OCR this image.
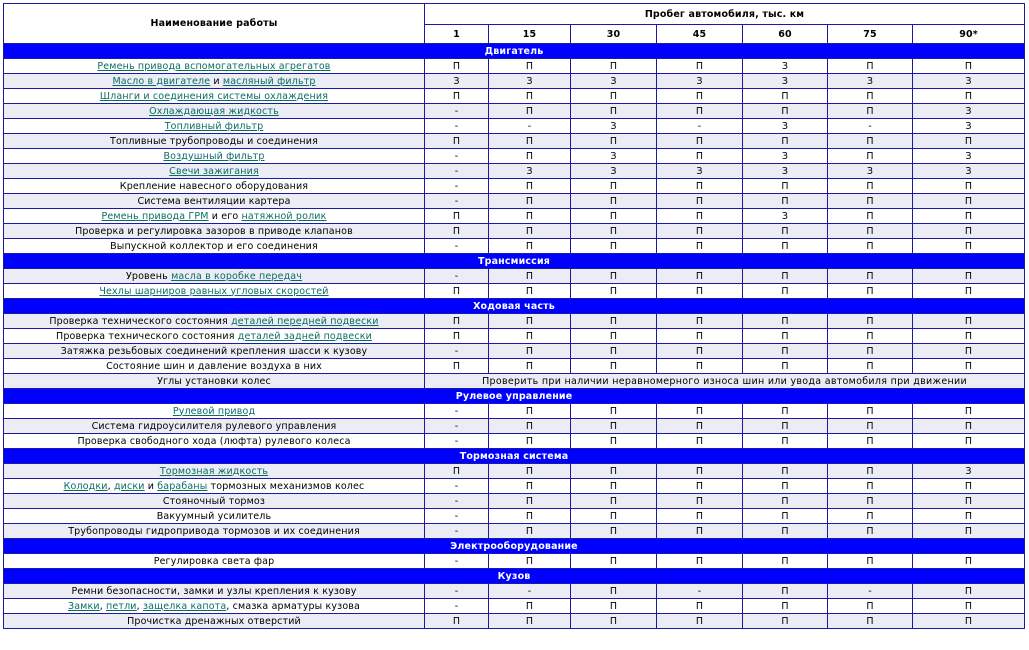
Наименование работы	Пробег автомобиля, тыс. км						
	1	15	30	45	60	75	90*
Двигатель							
Ремень привода вспомогательных агрегатов	П	П	П	П	З	П	П
Масло в двигателе и масляный фильтр	З	З	З	З	З	З	З
Шланги и соединения системы охлаждения	П	П	П	П	П	П	П
Охлаждающая жидкость	-	П	П	П	П	П	З
Топливный фильтр	-	-	З	-	З	-	З
Топливные трубопроводы и соединения	П	П	П	П	П	П	П
Воздушный фильтр	-	П	З	П	З	П	З
Свечи зажигания	-	З	З	З	З	З	З
Крепление навесного оборудования	-	П	П	П	П	П	П
Система вентиляции картера	-	П	П	П	П	П	П
Ремень привода ГРМ и его натяжной ролик	П	П	П	П	З	П	П
Проверка и регулировка зазоров в приводе клапанов	П	П	П	П	П	П	П
Выпускной коллектор и его соединения	-	П	П	П	П	П	П
Трансмиссия							
Уровень масла в коробке передач	-	П	П	П	П	П	П
Чехлы шарниров равных угловых скоростей	П	П	П	П	П	П	П
Ходовая часть							
Проверка технического состояния деталей передней подвески	П	П	П	П	П	П	П
Проверка технического состояния деталей задней подвески	П	П	П	П	П	П	П
Затяжка резьбовых соединений крепления шасси к кузову	-	П	П	П	П	П	П
Состояние шин и давление воздуха в них	П	П	П	П	П	П	П
Углы установки колес	Проверить при наличии неравномерного износа шин или увода автомобиля при движении						
Рулевое управление							
Рулевой привод	-	П	П	П	П	П	П
Система гидроусилителя рулевого управления	-	П	П	П	П	П	П
Проверка свободного хода (люфта) рулевого колеса	-	П	П	П	П	П	П
Тормозная система							
Тормозная жидкость	П	П	П	П	П	П	З
Колодки, диски и барабаны тормозных механизмов колес	-	П	П	П	П	П	П
Стояночный тормоз	-	П	П	П	П	П	П
Вакуумный усилитель	-	П	П	П	П	П	П
Трубопроводы гидропривода тормозов и их соединения	-	П	П	П	П	П	П
Электрооборудование							
Регулировка света фар	-	П	П	П	П	П	П
Кузов							
Ремни безопасности, замки и узлы крепления к кузову	-	-	П	-	П	-	П
Замки, петли, защелка капота, смазка арматуры кузова	-	П	П	П	П	П	П
Прочистка дренажных отверстий	П	П	П	П	П	П	П
